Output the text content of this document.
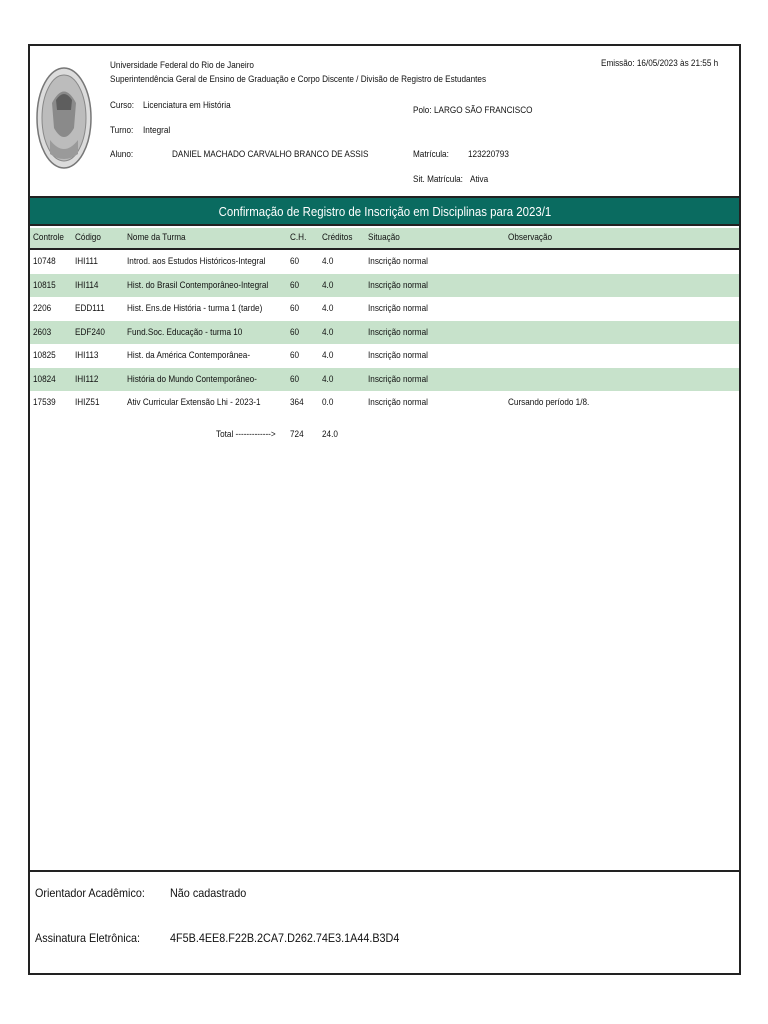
Universidade Federal do Rio de Janeiro
Superintendência Geral de Ensino de Graduação e Corpo Discente / Divisão de Registro de Estudantes
Emissão: 16/05/2023 às 21:55 h
Curso: Licenciatura em História	Polo: LARGO SÃO FRANCISCO
Turno: Integral
Aluno:	DANIEL MACHADO CARVALHO BRANCO DE ASSIS	Matrícula: 123220793
Sit. Matrícula: Ativa
Confirmação de Registro de Inscrição em Disciplinas para 2023/1
Controle Código	Nome da Turma	C.H. Créditos Situação	Observação
10748 IHI111	Introd. aos Estudos Históricos-Integral	60 4.0	Inscrição normal
10815 IHI114	Hist. do Brasil Contemporâneo-Integral 60 4.0	Inscrição normal
2206	EDD111 Hist. Ens.de História - turma 1 (tarde)	60 4.0	Inscrição normal
2603	EDF240 Fund.Soc. Educação - turma 10	60 4.0	Inscrição normal
10825 IHI113	Hist. da América Contemporânea-	60 4.0	Inscrição normal
10824 IHI112	História do Mundo Contemporâneo-	60 4.0	Inscrição normal
17539 IHIZ51	Ativ Curricular Extensão Lhi - 2023-1	364 0.0	Inscrição normal	Cursando período 1/8.
Total -------------> 724 24.0
Orientador Acadêmico: Não cadastrado
Assinatura Eletrônica: 4F5B.4EE8.F22B.2CA7.D262.74E3.1A44.B3D4
